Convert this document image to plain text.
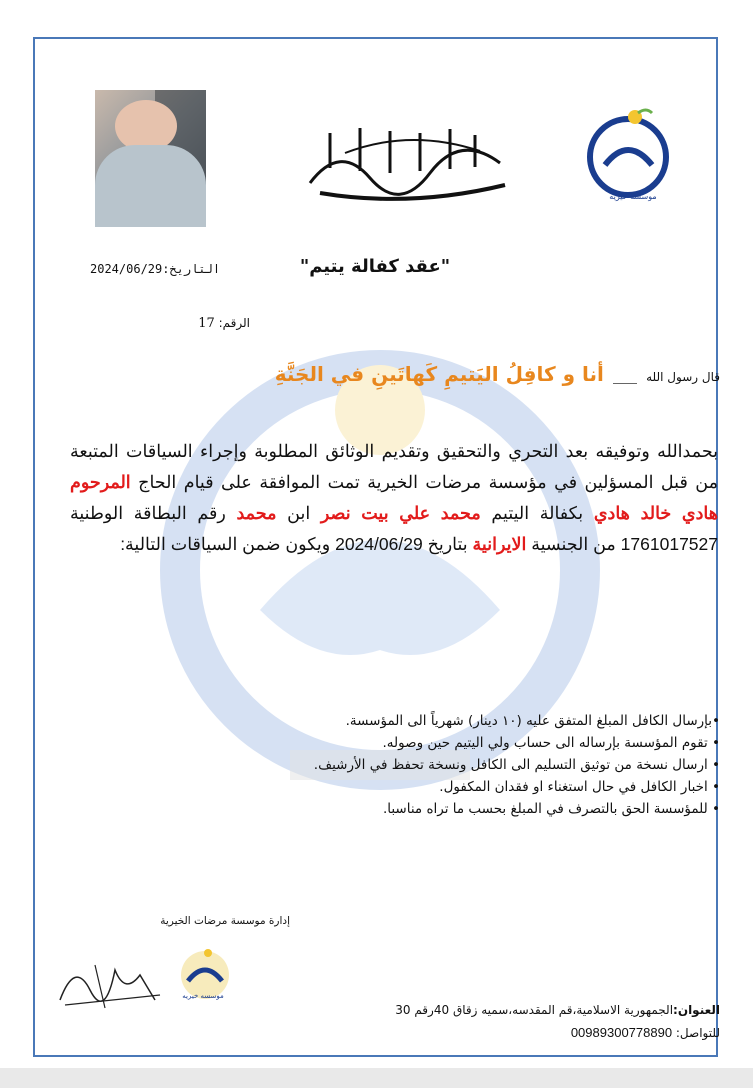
موسسه خيريه
"عقد كفالة يتيم"
التاريخ:2024/06/29
الرقم: 17
قال رسول الله  أنا و كافِلُ اليَتيمِ كَهاتَينِ في الجَنَّةِ
بحمدالله وتوفيقه بعد التحري والتحقيق وتقديم الوثائق المطلوبة وإجراء السياقات المتبعة من قبل المسؤلين في مؤسسة مرضات الخيرية تمت الموافقة على قيام الحاج المرحوم هادي خالد هادي بكفالة اليتيم محمد علي بيت نصر ابن محمد رقم البطاقة الوطنية 1761017527 من الجنسية الايرانية بتاريخ 2024/06/29 ويكون ضمن السياقات التالية:
•بإرسال الكافل المبلغ المتفق عليه (١٠ دينار) شهرياً الى المؤسسة.
• تقوم المؤسسة بإرساله الى حساب ولي اليتيم حين وصوله.
• ارسال نسخة من توثيق التسليم الى الكافل ونسخة تحفظ في الأرشيف.
• اخبار الكافل في حال استغناء او فقدان المكفول.
• للمؤسسة الحق بالتصرف في المبلغ بحسب ما تراه مناسبا.
إدارة موسسة مرضات الخيرية
موسسه خيريه
العنوان:الجمهورية الاسلامية،قم المقدسه،سميه زقاق 40رقم 30
للتواصل: 00989300778890
